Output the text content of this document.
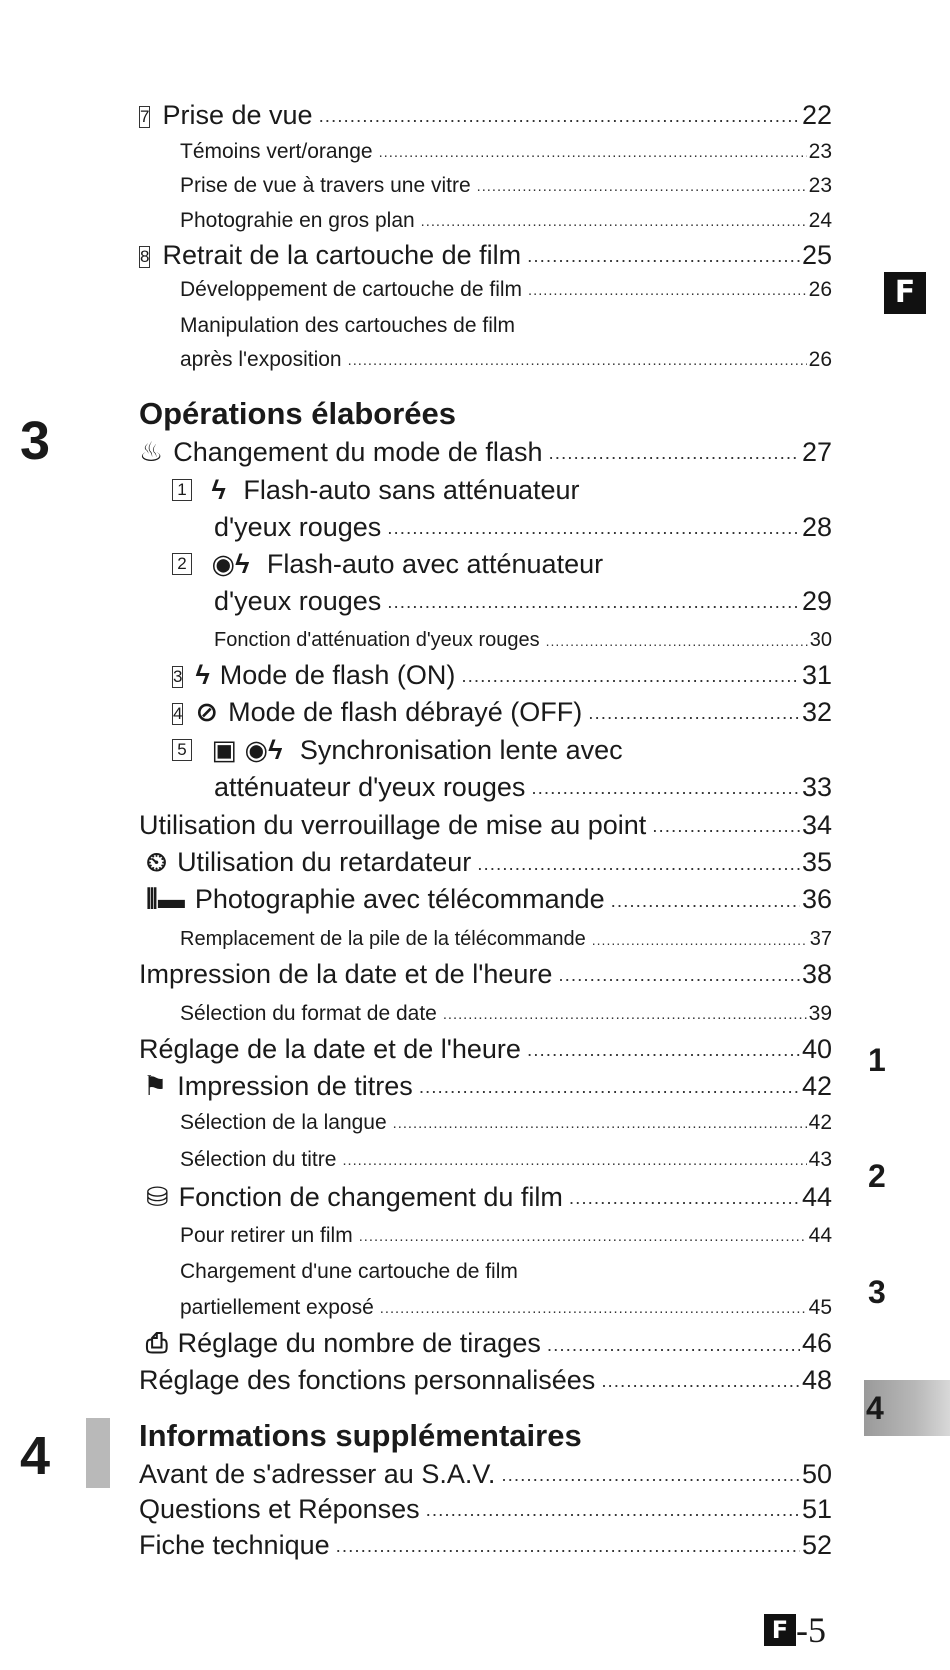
7 Prise de vue .....	22
Témoins vert/orange .....	23
Prise de vue à travers une vitre .....	23
Photograhie en gros plan .....	24
8 Retrait de la cartouche de film .....	25
Développement de cartouche de film .....	26
Manipulation des cartouches de film
après l'exposition .....	26
F
3	Opérations élaborées
♨ Changement du mode de flash .....	27
1 ϟ Flash-auto sans atténuateur
d'yeux rouges .....	28
2 ◉ϟ Flash-auto avec atténuateur
d'yeux rouges .....	29
Fonction d'atténuation d'yeux rouges .....	30
3 ϟ Mode de flash (ON) .....	31
4 ⊘ Mode de flash débrayé (OFF) .....	32
5 ▣ ◉ϟ Synchronisation lente avec
atténuateur d'yeux rouges .....	33
Utilisation du verrouillage de mise au point .....	34
⏲ Utilisation du retardateur .....	35
⦀▬ Photographie avec télécommande .....	36
Remplacement de la pile de la télécommande .....	37
Impression de la date et de l'heure .....	38
Sélection du format de date .....	39
Réglage de la date et de l'heure .....	40
⚑ Impression de titres .....	42
Sélection de la langue .....	42
Sélection du titre .....	43
⛁ Fonction de changement du film .....	44
Pour retirer un film .....	44
Chargement d'une cartouche de film
partiellement exposé .....	45
⎙ Réglage du nombre de tirages .....	46
Réglage des fonctions personnalisées .....	48
4	Informations supplémentaires
Avant de s'adresser au S.A.V. .....	50
Questions et Réponses .....	51
Fiche technique .....	52
1
2
3
4
F -5
